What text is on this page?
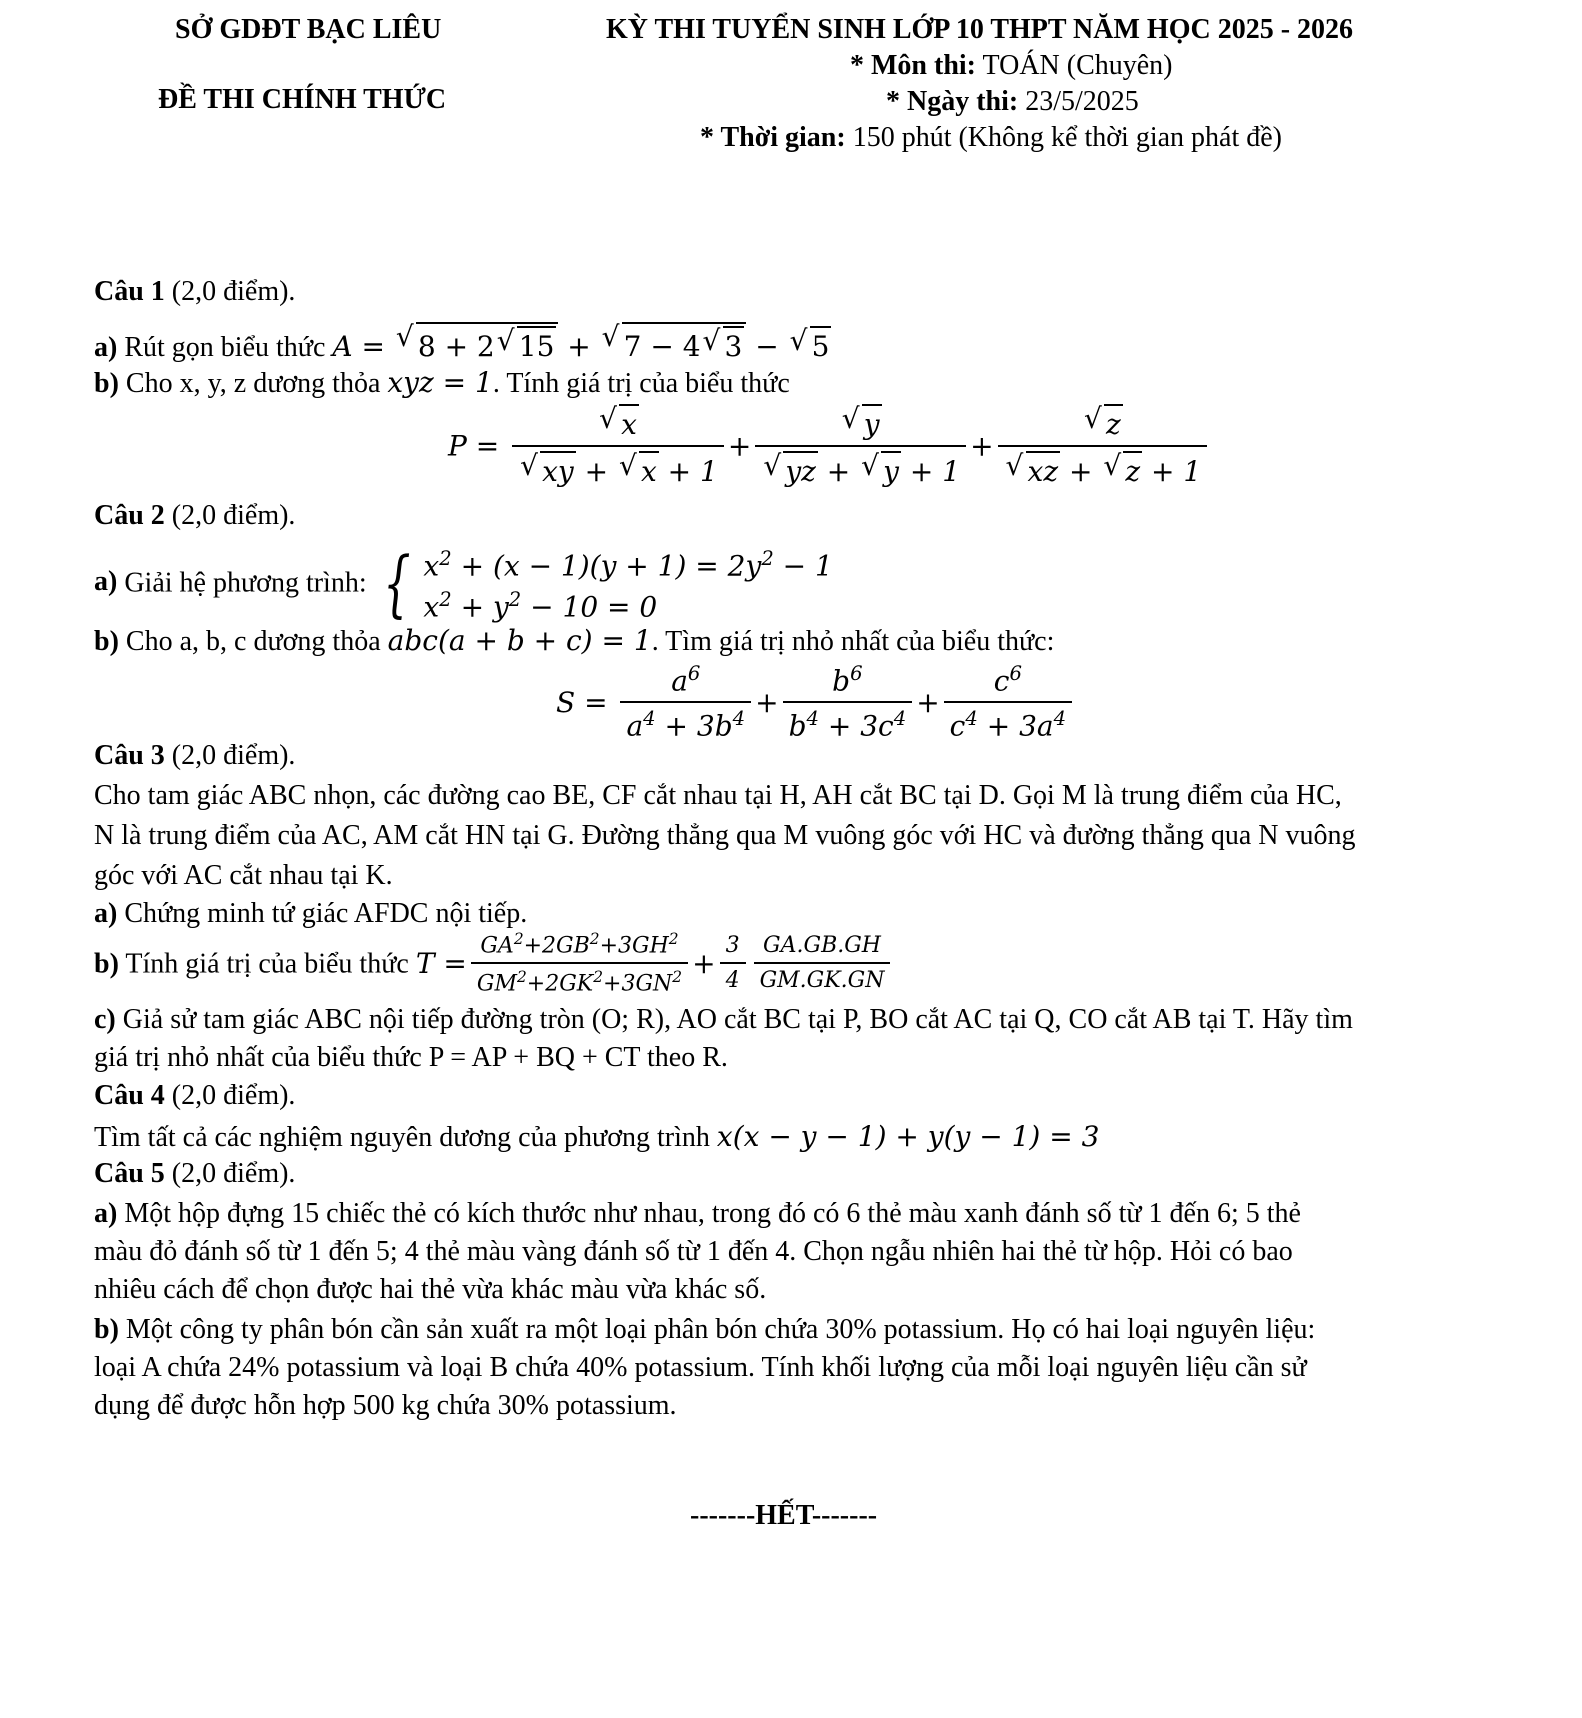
SỞ GDĐT BẠC LIÊU
ĐỀ THI CHÍNH THỨC
KỲ THI TUYỂN SINH LỚP 10 THPT NĂM HỌC 2025 - 2026
* Môn thi: TOÁN (Chuyên)
* Ngày thi: 23/5/2025
* Thời gian: 150 phút (Không kể thời gian phát đề)
Câu 1 (2,0 điểm).
a) Rút gọn biểu thức A = √ 8 + 2 √ 15 + √ 7 − 4 √ 3 − √ 5
b) Cho x, y, z dương thỏa xyz = 1. Tính giá trị của biểu thức
P = √ x
√ xy + √ x + 1 + √ y
√ yz + √ y + 1 + √ z
√ xz + √ z + 1
Câu 2 (2,0 điểm).
a) Giải hệ phương trình: { $x^2 + (x - 1)(y + 1) = 2y^2 - 1$
$x^2 + y^2 - 10 = 0$
b) Cho a, b, c dương thỏa abc(a + b + c) = 1. Tìm giá trị nhỏ nhất của biểu thức:
$S = \frac{a^6}{a^4 + 3b^4} + \frac{b^6}{b^4 + 3c^4} + \frac{c^6}{c^4 + 3a^4}$
Câu 3 (2,0 điểm).
Cho tam giác ABC nhọn, các đường cao BE, CF cắt nhau tại H, AH cắt BC tại D. Gọi M là trung điểm của HC,
N là trung điểm của AC, AM cắt HN tại G. Đường thẳng qua M vuông góc với HC và đường thẳng qua N vuông
góc với AC cắt nhau tại K.
a) Chứng minh tứ giác AFDC nội tiếp.
b) Tính giá trị của biểu thức $T = \frac{GA^2+2GB^2+3GH^2}{GM^2+2GK^2+3GN^2} + \frac{3}{4} \frac{GA.GB.GH}{GM.GK.GN}$
c) Giả sử tam giác ABC nội tiếp đường tròn (O; R), AO cắt BC tại P, BO cắt AC tại Q, CO cắt AB tại T. Hãy tìm
giá trị nhỏ nhất của biểu thức P = AP + BQ + CT theo R.
Câu 4 (2,0 điểm).
Tìm tất cả các nghiệm nguyên dương của phương trình x(x − y − 1) + y(y − 1) = 3
Câu 5 (2,0 điểm).
a) Một hộp đựng 15 chiếc thẻ có kích thước như nhau, trong đó có 6 thẻ màu xanh đánh số từ 1 đến 6; 5 thẻ
màu đỏ đánh số từ 1 đến 5; 4 thẻ màu vàng đánh số từ 1 đến 4. Chọn ngẫu nhiên hai thẻ từ hộp. Hỏi có bao
nhiêu cách để chọn được hai thẻ vừa khác màu vừa khác số.
b) Một công ty phân bón cần sản xuất ra một loại phân bón chứa 30% potassium. Họ có hai loại nguyên liệu:
loại A chứa 24% potassium và loại B chứa 40% potassium. Tính khối lượng của mỗi loại nguyên liệu cần sử
dụng để được hỗn hợp 500 kg chứa 30% potassium.
-------HẾT-------
